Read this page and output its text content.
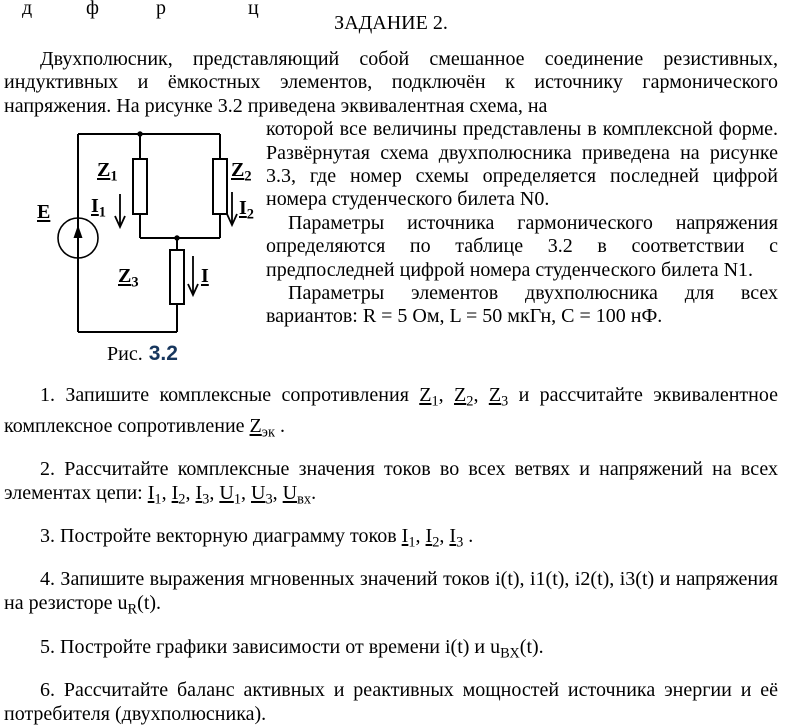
д	ф	р	ц
ЗАДАНИЕ 2.

Двухполюсник, представляющий собой смешанное соединение резистивных, индуктивных и ёмкостных элементов, подключён к источнику гармонического напряжения. На рисунке 3.2 приведена эквивалентная схема, на

E
$Z_1$
$I_1$
$Z_2$
$I_2$
$Z_3$	I
Рис. 3.2

которой все величины представлены в комплексной форме. Развёрнутая схема двухполюсника приведена на рисунке 3.3, где номер схемы определяется последней цифрой номера студенческого билета N0.

Параметры источника гармонического напряжения определяются по таблице 3.2 в соответствии с предпоследней цифрой номера студенческого билета N1.

Параметры элементов двухполюсника для всех вариантов: R = 5 Ом, L = 50 мкГн, С = 100 нФ.

1. Запишите комплексные сопротивления $Z_1$, $Z_2$, $Z_3$ и рассчитайте эквивалентное комплексное сопротивление $Z_{эк}$ .

2. Рассчитайте комплексные значения токов во всех ветвях и напряжений на всех элементах цепи: $I_1$, $I_2$, $I_3$, $U_1$, $U_3$, $U_{вх}$.

3. Постройте векторную диаграмму токов $I_1$, $I_2$, $I_3$ .

4. Запишите выражения мгновенных значений токов i(t), i1(t), i2(t), i3(t) и напряжения на резисторе $u_R(t)$.

5. Постройте графики зависимости от времени i(t) и $u_{ВХ}(t)$.

6. Рассчитайте баланс активных и реактивных мощностей источника энергии и её потребителя (двухполюсника).
